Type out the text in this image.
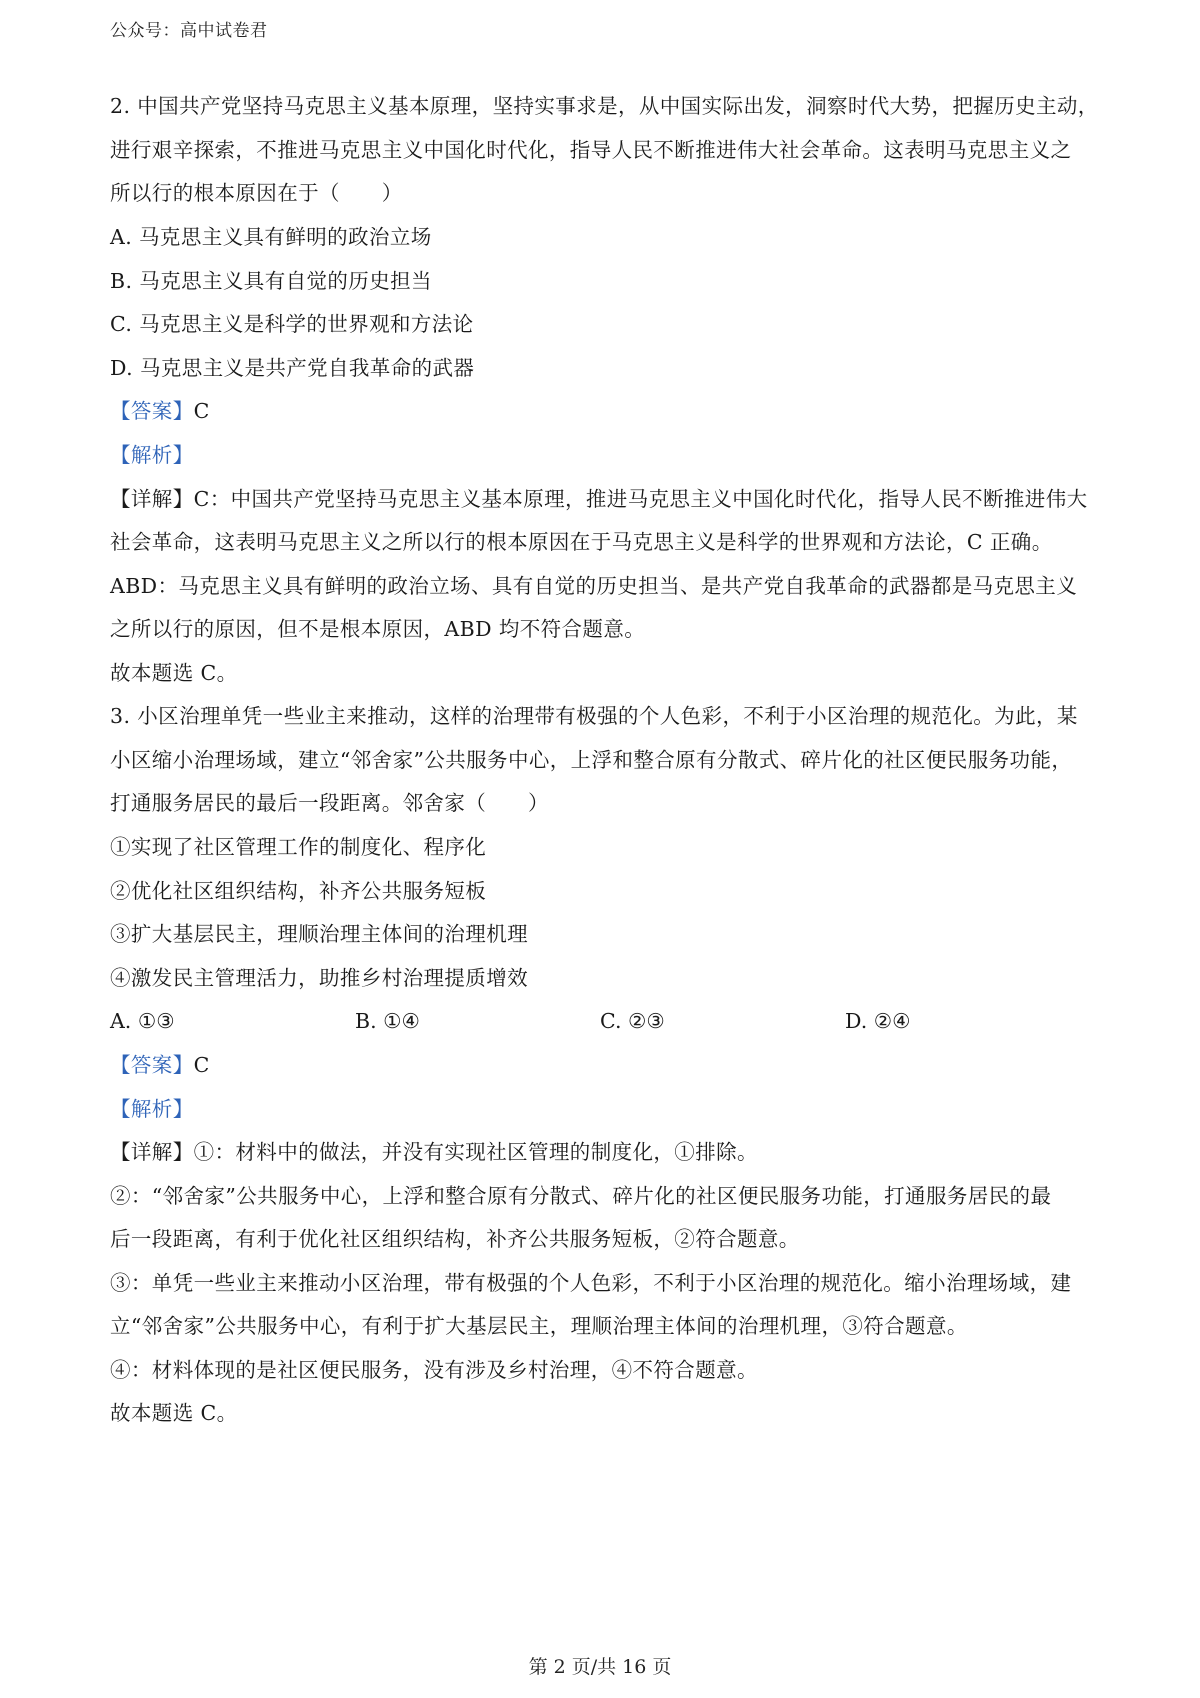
公众号：高中试卷君
2. 中国共产党坚持马克思主义基本原理，坚持实事求是，从中国实际出发，洞察时代大势，把握历史主动，
进行艰辛探索，不推进马克思主义中国化时代化，指导人民不断推进伟大社会革命。这表明马克思主义之
所以行的根本原因在于（　　）
A. 马克思主义具有鲜明的政治立场
B. 马克思主义具有自觉的历史担当
C. 马克思主义是科学的世界观和方法论
D. 马克思主义是共产党自我革命的武器
【答案】C
【解析】
【详解】C：中国共产党坚持马克思主义基本原理，推进马克思主义中国化时代化，指导人民不断推进伟大
社会革命，这表明马克思主义之所以行的根本原因在于马克思主义是科学的世界观和方法论，C 正确。
ABD：马克思主义具有鲜明的政治立场、具有自觉的历史担当、是共产党自我革命的武器都是马克思主义
之所以行的原因，但不是根本原因，ABD 均不符合题意。
故本题选 C。
3. 小区治理单凭一些业主来推动，这样的治理带有极强的个人色彩，不利于小区治理的规范化。为此，某
小区缩小治理场域，建立“邻舍家”公共服务中心，上浮和整合原有分散式、碎片化的社区便民服务功能，
打通服务居民的最后一段距离。邻舍家（　　）
①实现了社区管理工作的制度化、程序化
②优化社区组织结构，补齐公共服务短板
③扩大基层民主，理顺治理主体间的治理机理
④激发民主管理活力，助推乡村治理提质增效
A. ①③	B. ①④	C. ②③	D. ②④
【答案】C
【解析】
【详解】①：材料中的做法，并没有实现社区管理的制度化，①排除。
②：“邻舍家”公共服务中心，上浮和整合原有分散式、碎片化的社区便民服务功能，打通服务居民的最
后一段距离，有利于优化社区组织结构，补齐公共服务短板，②符合题意。
③：单凭一些业主来推动小区治理，带有极强的个人色彩，不利于小区治理的规范化。缩小治理场域，建
立“邻舍家”公共服务中心，有利于扩大基层民主，理顺治理主体间的治理机理，③符合题意。
④：材料体现的是社区便民服务，没有涉及乡村治理，④不符合题意。
故本题选 C。
第 2 页/共 16 页
